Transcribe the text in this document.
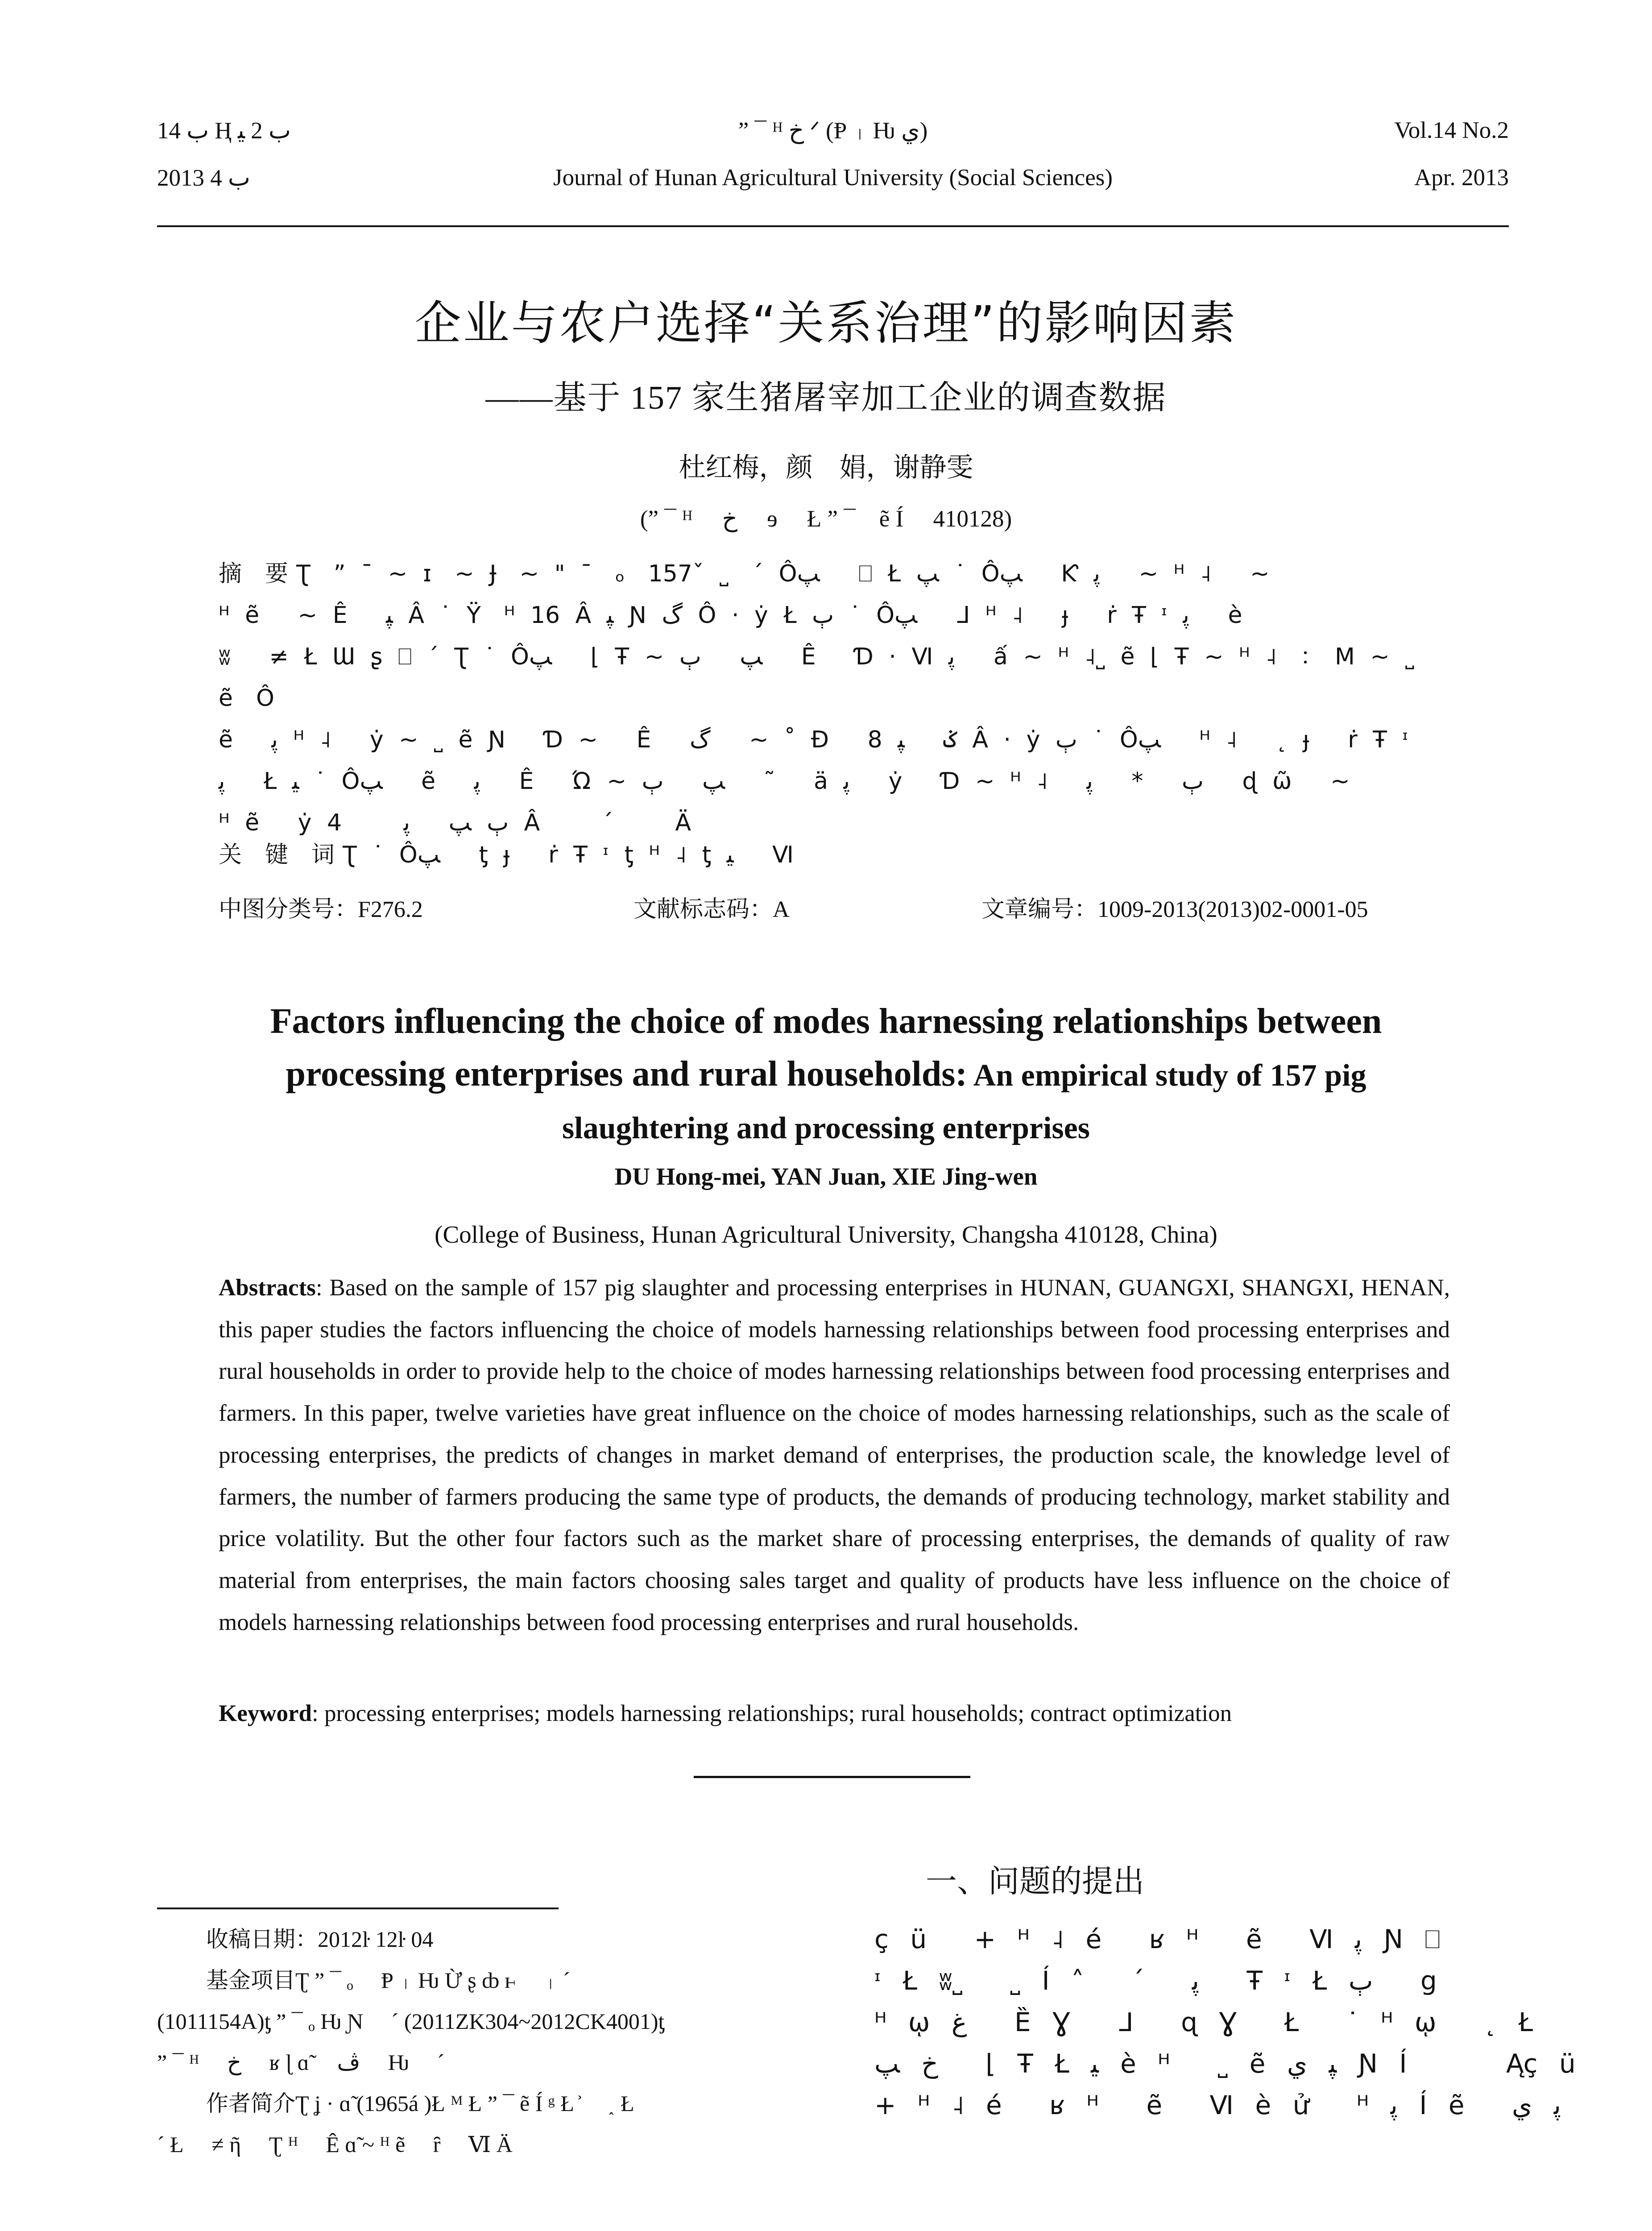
ب 14 Ⱨ ب 2 ﯿ	” ¯ ᴴ خ ᐟ (Ᵽ ᛧ Ƕ ي)	Vol.14 No.2
2013 ب 4	Journal of Hunan Agricultural University (Social Sciences)	Apr. 2013
企业与农户选择“关系治理”的影响因素
——基于 157 家生猪屠宰加工企业的调查数据
杜红梅，颜　娟，谢静雯
(” ¯ ᴴ　 خ　 ɘ　 Ł ” ¯　ẽ Í　 410128)
摘　要 Ʈ　” ¯ ~ ɪ　~ Ɉ　~ " ¯　ₒ　157ˇ ˽　ˊ Ôﭗ　 ⎕ Ł ﭗ ˙ Ôﭗ　 Ƙ ﭘ　 ~ ᴴ ˨　 ~
ᴴ ẽ　 ~ Ê　 ﭙ Â ˙ Ÿ　ᴴ 16 Â ﭙ Ɲ گ Ô · ẏ Ł ﭒ ˙ Ôﭗ　 ᒧ ᴴ ˨　 ɟ　 ṙ Ŧ ᶦ ﭘ　 è
ʬ　 ≠ Ł Ɯ ʂ ⎕ ˊ Ʈ ˙ Ôﭗ　 ⌊ Ŧ ~ ﭗ　 ﭒ　 Ê　 Ɗ · Ⅵ ﭘ　 ấ ~ ᴴ ˨˽ ẽ ⌊ Ŧ ~ ᴴ ˨　：　M ~ ˽　ẽ　Ô
ẽ　 ﭘ ᴴ ˨　 ẏ ~ ˽ ẽ Ɲ　 Ɗ ~　 Ê　 گ　 ~ ˚ Ɖ　 ݢ　 ﭙ 8 Â · ẏ ﭒ ˙ Ôﭗ　 ᴴ ˨　 ˛ ɟ　 ṙ Ŧ ᶦ
ﭘ　 Ł ﯿ ˙ Ôﭗ　 ẽ　 ﭘ　 Ê　 Ώ ~ ﭗ　 ﭒ　 ˜　 ä ﭘ　 ẏ　 Ɗ ~ ᴴ ˨　 ﭒ　 *　 ﭘ　 ɖ ω̃　 ~
ᴴ ẽ　 ẏ ﭒ ﭗ　 ﭘ　　 4 Â　　 ˊ　　 Ä
关　键　词 Ʈ ˙ Ôﭗ　 ƫ ɟ　 ṙ Ŧ ᶦ ƫ ᴴ ˨ ƫ ﯿ　 Ⅵ
中图分类号：F276.2	文献标志码：A	文章编号：1009-2013(2013)02-0001-05
Factors influencing the choice of modes harnessing relationships between
processing enterprises and rural households: An empirical study of 157 pig
slaughtering and processing enterprises
DU Hong-mei, YAN Juan, XIE Jing-wen
(College of Business, Hunan Agricultural University, Changsha 410128, China)
Abstracts: Based on the sample of 157 pig slaughter and processing enterprises in HUNAN, GUANGXI, SHANGXI, HENAN, this paper studies the factors influencing the choice of models harnessing relationships between food processing enterprises and rural households in order to provide help to the choice of modes harnessing relationships between food processing enterprises and farmers. In this paper, twelve varieties have great influence on the choice of modes harnessing relationships, such as the scale of processing enterprises, the predicts of changes in market demand of enterprises, the production scale, the knowledge level of farmers, the number of farmers producing the same type of products, the demands of producing technology, market stability and price volatility. But the other four factors such as the market share of processing enterprises, the demands of quality of raw material from enterprises, the main factors choosing sales target and quality of products have less influence on the choice of models harnessing relationships between food processing enterprises and rural households.
Keyword: processing enterprises; models harnessing relationships; rural households; contract optimization
一、问题的提出
收稿日期：2012ŀ 12ŀ 04
基金项目Ʈ ” ¯ ₒ　 Ᵽ ᛧ Ƕ Ừ ʂ ȸ ⱶ　 ᛧ ˊ
(1011154A)ƫ ” ¯ ₒ Ƕ Ɲ　 ˊ (2011ZK304~2012CK4001)ƫ
” ¯ ᴴ　 خ　 ʁ ɭ ɑ̃　 ڤ　 Ƕ　 ˊ
作者简介Ʈ ʝ · ɑ̃ (1965á )Ł ᴹ Ł ” ¯ ẽ Í ᵍ Ł ͐　 ˰ Ł
ˊ Ł　 ≠ ῆ　 Ʈ ᴴ　 Ê ɑ̃ ~ ᴴ ẽ　 ȓ　 Ⅵ Ä
ç ü　 + ᴴ ˨ é　 ʁ ᴴ　 ẽ　 Ⅵ ﭘ Ɲ ⎕
ᶦ Ł ʬ˽　 ˽ Í ˄　 ˊ　 ﭘ　 Ŧ ᶦ Ł ﭒ　 g
ᴴ ῳ غ　 Ȅ Ɣ　 ᒧ　 ɋ Ɣ　 Ł　 ˙ ᴴ ῳ　 ˛ Ł
خ ﭗ　 ⌊ Ŧ Ł ﯿ è ᴴ　 ˽ ẽ ﭙ ي Ɲ Í　　　 Ąç ü
+ ᴴ ˨ é　 ʁ ᴴ　 ẽ　 Ⅵ è ử　 ᴴ ﭘ Í ẽ　 ﭘ ي
